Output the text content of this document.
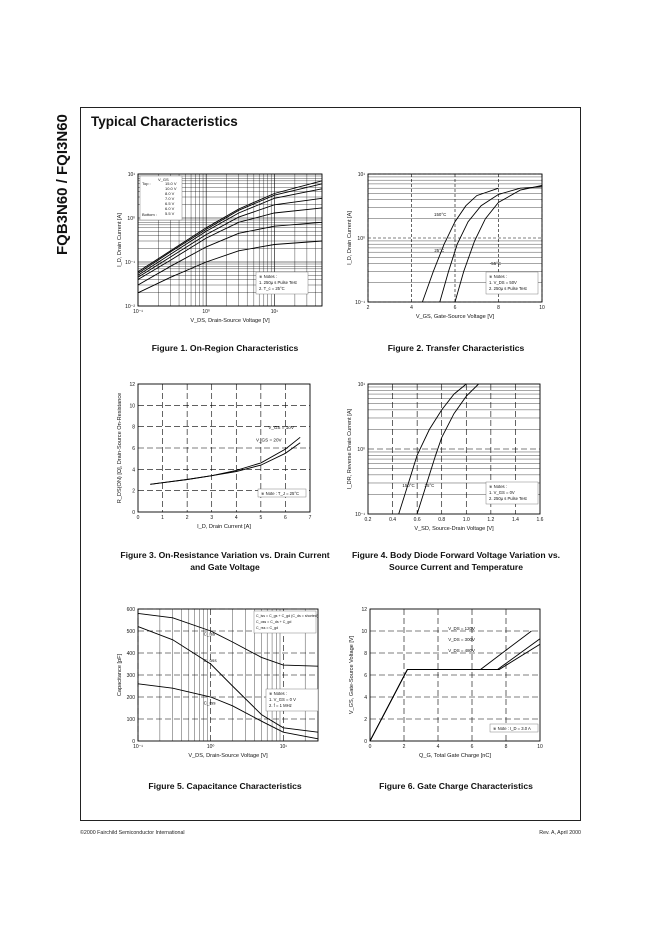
FQB3N60 / FQI3N60 Typical Characteristics
10⁻¹	10⁰	10¹
10⁻²
10⁻¹
10⁰
10¹
V_DS, Drain-Source Voltage [V]
I_D, Drain Current [A]
V_GS
Top :
Bottom :
15.0 V
10.0 V
8.0 V
7.0 V
6.5 V
6.0 V
5.5 V
※ Notes :
1. 250µ s Pulse Test
2. T_c = 25°C
Figure 1. On-Region Characteristics
2	4	6	8	10
10⁻¹
10⁰
10¹
V_GS, Gate-Source Voltage [V]
I_D, Drain Current [A]	150°C
25°C
-55°C
※ Notes :
1. V_DS = 50V
2. 250µ s Pulse Test
Figure 2. Transfer Characteristics
0	1	2	3	4	5	6	7
0
2
4
6
8
10
12
I_D, Drain Current [A]
R_DS(ON) [Ω], Drain-Source On-Resistance	V_GS = 10V
V_GS = 20V
※ Note : T_J = 25°C
Figure 3. On-Resistance Variation vs. Drain Current and Gate Voltage
0.2	0.4	0.6	0.8	1.0	1.2	1.4	1.6
10⁻¹
10⁰
10¹
V_SD, Source-Drain Voltage [V]
I_DR, Reverse Drain Current [A]	150°C 25°C	※ Notes :
1. V_GS = 0V
2. 250µ s Pulse Test
Figure 4. Body Diode Forward Voltage Variation vs. Source Current and Temperature
10⁻¹	10⁰	10¹
0
100
200
300
400
500
600
V_DS, Drain-Source Voltage [V]
Capacitance [pF]
C_iss
C_oss
C_rss
C_iss = C_gs + C_gd (C_ds = shorted)
C_oss = C_ds + C_gd
C_rss = C_gd
※ Notes :
1. V_GS = 0 V
2. f = 1 MHz
Figure 5. Capacitance Characteristics
0	2	4	6	8	10
0
2
4
6
8
10
12
Q_G, Total Gate Charge [nC]
V_GS, Gate-Source Voltage [V]
V_DS = 120V
V_DS = 300V
V_DS = 480V
※ Note : I_D = 3.0 A
Figure 6. Gate Charge Characteristics
©2000 Fairchild Semiconductor International	Rev. A, April 2000
